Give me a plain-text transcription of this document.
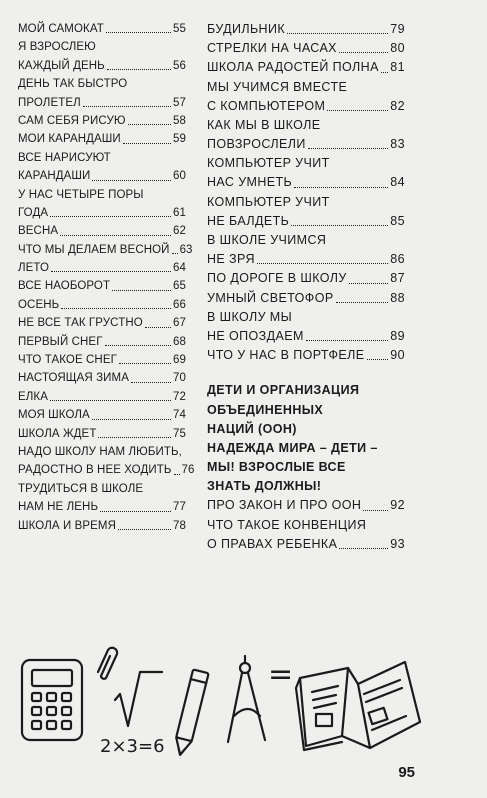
МОЙ САМОКАТ	55
Я ВЗРОСЛЕЮ
КАЖДЫЙ ДЕНЬ	56
ДЕНЬ ТАК БЫСТРО
ПРОЛЕТЕЛ	57
САМ СЕБЯ РИСУЮ	58
МОИ КАРАНДАШИ	59
ВСЕ НАРИСУЮТ
КАРАНДАШИ	60
У НАС ЧЕТЫРЕ ПОРЫ
ГОДА	61
ВЕСНА	62
ЧТО МЫ ДЕЛАЕМ ВЕСНОЙ 63
ЛЕТО	64
ВСЕ НАОБОРОТ	65
ОСЕНЬ	66
НЕ ВСЕ ТАК ГРУСТНО	67
ПЕРВЫЙ СНЕГ	68
ЧТО ТАКОЕ СНЕГ	69
НАСТОЯЩАЯ ЗИМА	70
ЕЛКА	72
МОЯ ШКОЛА	74
ШКОЛА ЖДЕТ	75
НАДО ШКОЛУ НАМ ЛЮБИТЬ,
РАДОСТНО В НЕЕ ХОДИТЬ 76
ТРУДИТЬСЯ В ШКОЛЕ
НАМ НЕ ЛЕНЬ	77
ШКОЛА И ВРЕМЯ	78
БУДИЛЬНИК	79
СТРЕЛКИ НА ЧАСАХ	80
ШКОЛА РАДОСТЕЙ ПОЛНА 81
МЫ УЧИМСЯ ВМЕСТЕ
С КОМПЬЮТЕРОМ	82
КАК МЫ В ШКОЛЕ
ПОВЗРОСЛЕЛИ	83
КОМПЬЮТЕР УЧИТ
НАС УМНЕТЬ	84
КОМПЬЮТЕР УЧИТ
НЕ БАЛДЕТЬ	85
В ШКОЛЕ УЧИМСЯ
НЕ ЗРЯ	86
ПО ДОРОГЕ В ШКОЛУ	87
УМНЫЙ СВЕТОФОР	88
В ШКОЛУ МЫ
НЕ ОПОЗДАЕМ	89
ЧТО У НАС В ПОРТФЕЛЕ 90
ДЕТИ И ОРГАНИЗАЦИЯ
ОБЪЕДИНЕННЫХ
НАЦИЙ (ООН)
НАДЕЖДА МИРА – ДЕТИ –
МЫ! ВЗРОСЛЫЕ ВСЕ
ЗНАТЬ ДОЛЖНЫ!
ПРО ЗАКОН И ПРО ООН 92
ЧТО ТАКОЕ КОНВЕНЦИЯ
О ПРАВАХ РЕБЕНКА	93
2×3=6
=
95
